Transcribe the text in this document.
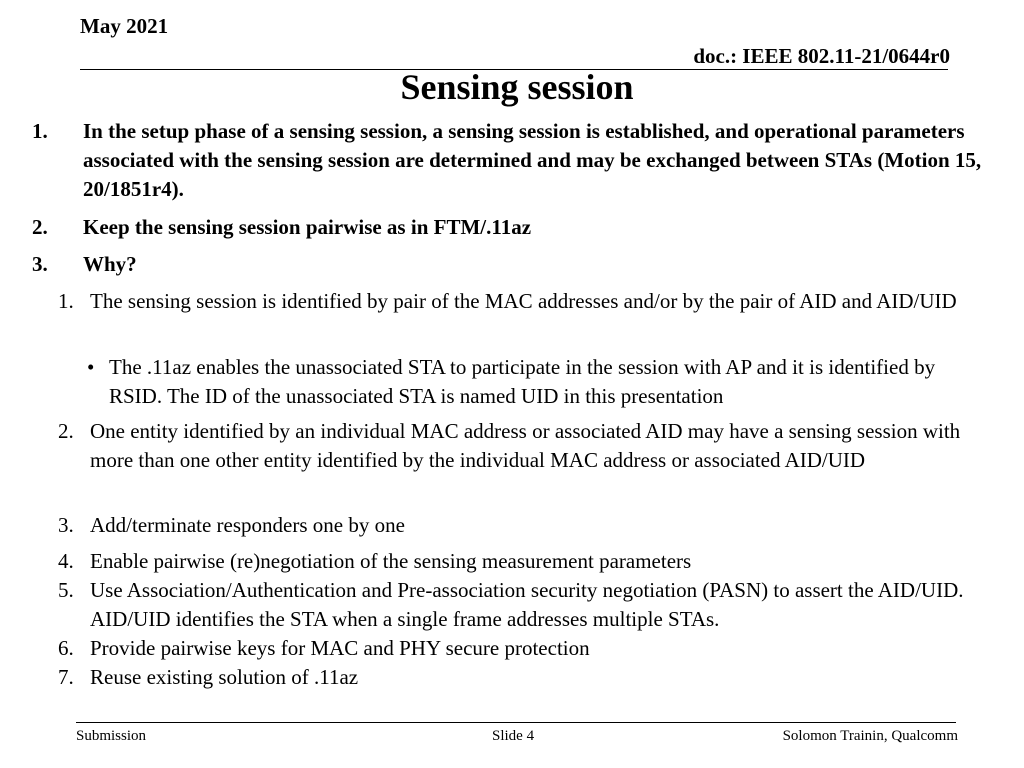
May 2021
doc.: IEEE 802.11-21/0644r0
Sensing session
1. In the setup phase of a sensing session, a sensing session is established, and operational parameters associated with the sensing session are determined and may be exchanged between STAs (Motion 15, 20/1851r4).
2. Keep the sensing session pairwise as in FTM/.11az
3. Why?
1. The sensing session is identified by pair of the MAC addresses and/or by the pair of AID and AID/UID
• The .11az enables the unassociated STA to participate in the session with AP and it is identified by RSID. The ID of the unassociated STA is named UID in this presentation
2. One entity identified by an individual MAC address or associated AID may have a sensing session with more than one other entity identified by the individual MAC address or associated AID/UID
3. Add/terminate responders one by one
4. Enable pairwise (re)negotiation of the sensing measurement parameters
5. Use Association/Authentication and Pre-association security negotiation (PASN) to assert the AID/UID. AID/UID identifies the STA when a single frame addresses multiple STAs.
6. Provide pairwise keys for MAC and PHY secure protection
7. Reuse existing solution of .11az
Submission	Slide 4	Solomon Trainin, Qualcomm
